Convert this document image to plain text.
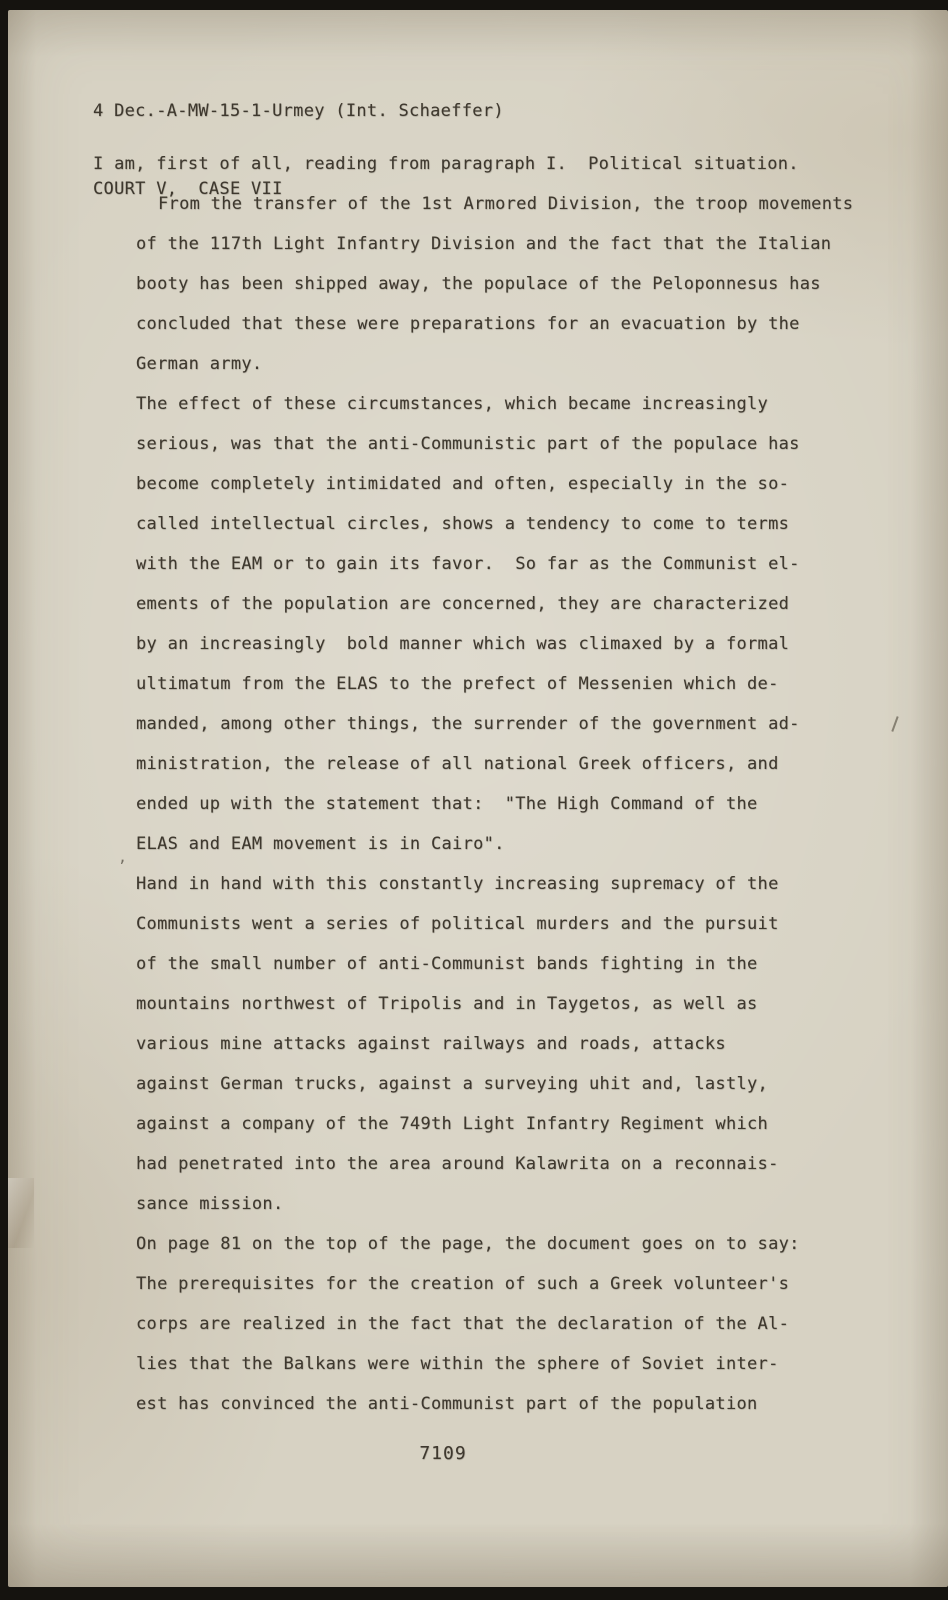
4 Dec.-A-MW-15-1-Urmey (Int. Schaeffer)

COURT V,  CASE VII

I am, first of all, reading from paragraph I.  Political situation.
From the transfer of the 1st Armored Division, the troop movements
of the 117th Light Infantry Division and the fact that the Italian
booty has been shipped away, the populace of the Peloponnesus has
concluded that these were preparations for an evacuation by the
German army.
The effect of these circumstances, which became increasingly
serious, was that the anti-Communistic part of the populace has
become completely intimidated and often, especially in the so-
called intellectual circles, shows a tendency to come to terms
with the EAM or to gain its favor.  So far as the Communist el-
ements of the population are concerned, they are characterized
by an increasingly  bold manner which was climaxed by a formal
ultimatum from the ELAS to the prefect of Messenien which de-
manded, among other things, the surrender of the government ad-
ministration, the release of all national Greek officers, and
ended up with the statement that:  "The High Command of the
ELAS and EAM movement is in Cairo".
Hand in hand with this constantly increasing supremacy of the
Communists went a series of political murders and the pursuit
of the small number of anti-Communist bands fighting in the
mountains northwest of Tripolis and in Taygetos, as well as
various mine attacks against railways and roads, attacks
against German trucks, against a surveying uhit and, lastly,
against a company of the 749th Light Infantry Regiment which
had penetrated into the area around Kalawrita on a reconnais-
sance mission.
On page 81 on the top of the page, the document goes on to say:
The prerequisites for the creation of such a Greek volunteer's
corps are realized in the fact that the declaration of the Al-
lies that the Balkans were within the sphere of Soviet inter-
est has convinced the anti-Communist part of the population
,
7109
